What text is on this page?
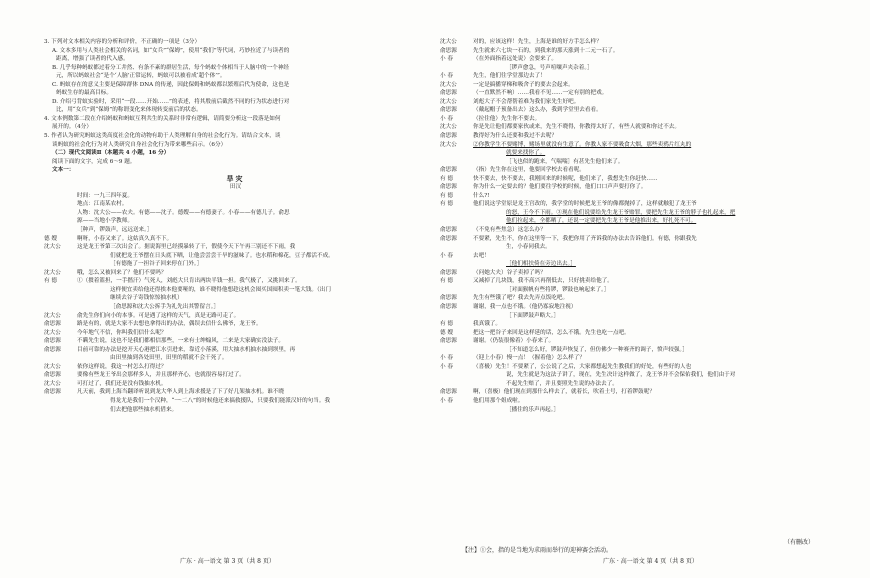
3. 下列对文本相关内容的分析和评价，不正确的一项是（3分）
A. 文本多用与人类社会相关的名词，如“女兵”“保姆”，使用“我们”等代词，巧妙拉近了与读者的
距离，增强了读者的代入感。
B. 几乎每种蚂蚁都过着分工井然、有条不紊的群居生活，每个蚂蚁个体相当于人脑中的一个神经
元，所以蚂蚁社会“是个‘人脑’正常运转，蚂蚁可以被看成‘超个体’”。
C. 蚂蚁存在的意义主要是保障群体 DNA 的传递，因此保姆和蚂蚁都以繁殖后代为使命，这也是
蚂蚁生存的最高目标。
D. 介绍弓背蚁实验时，采用“一段……开始……”的表述，将其殷前后截然不同的行为状态进行对
比，用“女兵”到“保姆”的称谓变化来体现转变前后的状态。
4. 文本例数第二段在介绍蚂蚁和蚂蚁互利共生的关系时非常有逻辑，请简要分析这一段落是如何
展开的。（4分）
5. 作者认为研究蚂蚁这类高度社会化的动物有助于人类理解自身的社会化行为。请结合文本，谈
谈蚂蚁的社会化行为对人类研究自身社会化行为带来哪些启示。（6分）
（二）现代文阅读Ⅱ（本题共 4 小题，16 分）
阅读下面的文字，完成 6～9 题。
文本一：
旱灾
田汉
时间：一九三四年夏。
地点：江南某农村。
人物：沈大公——农夫。有德——沈子。德嫂——有德妻子。小春——有德儿子。俞思
源——当地小学教师。
［种声，锣鼓声，远远送来。］
德 嫂	啊呀，小春又来了。这姑真久真不下。
沈大公	这是龙王爷第三次出会了。据说海里已经摸暴转了干，假使今天下午再三别还不下雨，我
们就把龙王爷摆在日头底下晒，让他尝尝尝干旱的滋味了。也水稻和棉花，豆子都活不成。
［有德拖了一担谷子回来停在门外。］
沈大公	哦，怎么又被回来了？他们不要吗？
有 德	①（掼着篮担，一手揩汗）气死人，刘彪大只肯出两块半钱一担。我气极了，又挑回来了。
这样便宜卖给他还得挨本他要哑的，谁不晓得他想趁这机会囤买国囤积卖一笔大钱。（出门
继续去谷子寄钱惊惊抽水机）
［俞思源和沈大公拆手为礼先出其警留言。］
沈大公	俞先生你们向小的本事。可是遇了这样的天气，真是无路可走了。
俞思源	路是有的，就是大家不去想也拿得出的办法，偶误去信什么佛爷，龙王爷。
沈大公	今年地气不信，你叫我们信什么呢？
俞思源	不瞒先生说，这也不是我们都相信那些，一来有士绅煽风，二来是大家确实没法子。
俞思源	目前可靠的办法是挖开天心港把江水引进来，靠近小落溪，用大抽水机抽水抽到坝里，再
由田里抽到各处田里，田里的稻就不会干死了。
沈大公	依你这样说，我这一村怎么打得过？
俞思源	要像有些龙王爷出会那样多人，并且那样齐心，也就很容易打过了。
沈大公	可打过了，我们还是没有钱抽水机。
俞思源	凡天前，我到上海当翻译听说到龙大华人到上海求援是了下了好几架抽水机。谁不晓
得龙尤是我们一个汉种，“一·二八”的时候他还来搞救援队，只要我们能派汉奸的句当。我
们去把他那些抽水机借来。
沈大公	对的，应该这样！先生，上海是谁的好方手怎么样？
俞思源	先生就来六七块一石的，到我来的那天涨到十二元一石了。
小 春	（在外面指着远处说）会要来了。
［锣声愈急，号声喧嚷声夹杂着。］
小 春	先生，他们往学堂那边去了！
沈大公	一定是搞播穿梯和吸舍子的要去会起来。
俞思源	（一直默然不响）……我看不见……一定有别的把戏。
沈大公	刘彪大子不会帮帮着难为我们家先生好吧。
俞思源	（戴起帽子预备出去）这么办，我到学堂里去看看。
小 春	（拉住他）先生你不要去。
沈大公	你是先让他们都要家伙或来，先生不晓得，你教得太好了，有些人就要和你过不去。
俞思源	教得好为什么还要和我过不去呢？
沈大公	②你教学生不要赌博，赌场里就没有生意了。你教人家不要吸食大烟，那些卖鸦片红丸的
就要来找你了。
［飞也似的跑来，气喘喘］有甚先生他们来了。
俞思源	（指）先生你在这里，他要回学校去看看呢。
有 德	快不要去，快不要去，我刚回来的时候呢，他们来了，我想先生你赶快……
俞思源	你为什么一定要去的？他们要往学校的时候，他们口口声声要打你了。
有 德	什么?!
有 德	他们说这学堂原是龙王宫改的，我学堂的时候把龙王爷的像都抛掉了，这样就触犯了龙王爷
的怒，王今不下雨。③现在他们说要给先生龙王爷赔罪，要把先生龙王爷的脖子也扎起来，把
他们拉起来，全都晒了，还说一定要把先生龙王爷是他推出来，好扎死不可。
俞思源	（不免有些焦急）这怎么办？
俞思源	不要紧，先生不，你在这里等一下，我把你用了齐诉我的办法去告诉他们。有德，你跟我先
生，小春同我去。
小 春	去吧！
［他们相扶倚在旁边出去。］
俞思源	（问她大夫）谷子卖掉了吗？
有 德	又减掉了几块钱，我不高兴再削低去，只好挑卖给他了。
［对面猴帆有些将锣，锣鼓也响起来了。］
俞思源	先生有些饿了吧？我去先弄点饭吃吧。
俞思源	谢谢，我一点也不饿。（他仍寡寂地注视）
［下面锣鼓声略大。］
有 德	我真饿了。
德 嫂	把这一把谷子来回是这样延的话，怎么不饿。先生也吃一点吧。
俞思源	谢谢。（仍装很像着）小春来了。
［不知道怎么好，锣鼓声恢复了，但仿佛少一种赛齐的调子，愤声较强。］
小 春	（迎上小春）慢一点！（握着他）怎么样了？
小 春	（喜极）先生！不要紧了，公公说了之后，大家都想起先生教我们的好处，有些好的人也
说，先生就是为这法子讲了，现在，先生决计这样做了，龙王爷并不会保佑我们，他们由于对
不起先生赔了，并且要照先生说的办法去了。
俞思源	啊，（喜极）他们现在到那什么样去了，就着长，吹着土号，打着锣鼓呢？
小 春	他们用那个姐成啦。
［播住的乐声再起。］
（有删改）
【注】①会，指的是当地为求雨而举行的迎神赛会活动。
广东 · 高一语文 第 3 页（共 8 页）	广东 · 高一语文 第 4 页（共 8 页）
